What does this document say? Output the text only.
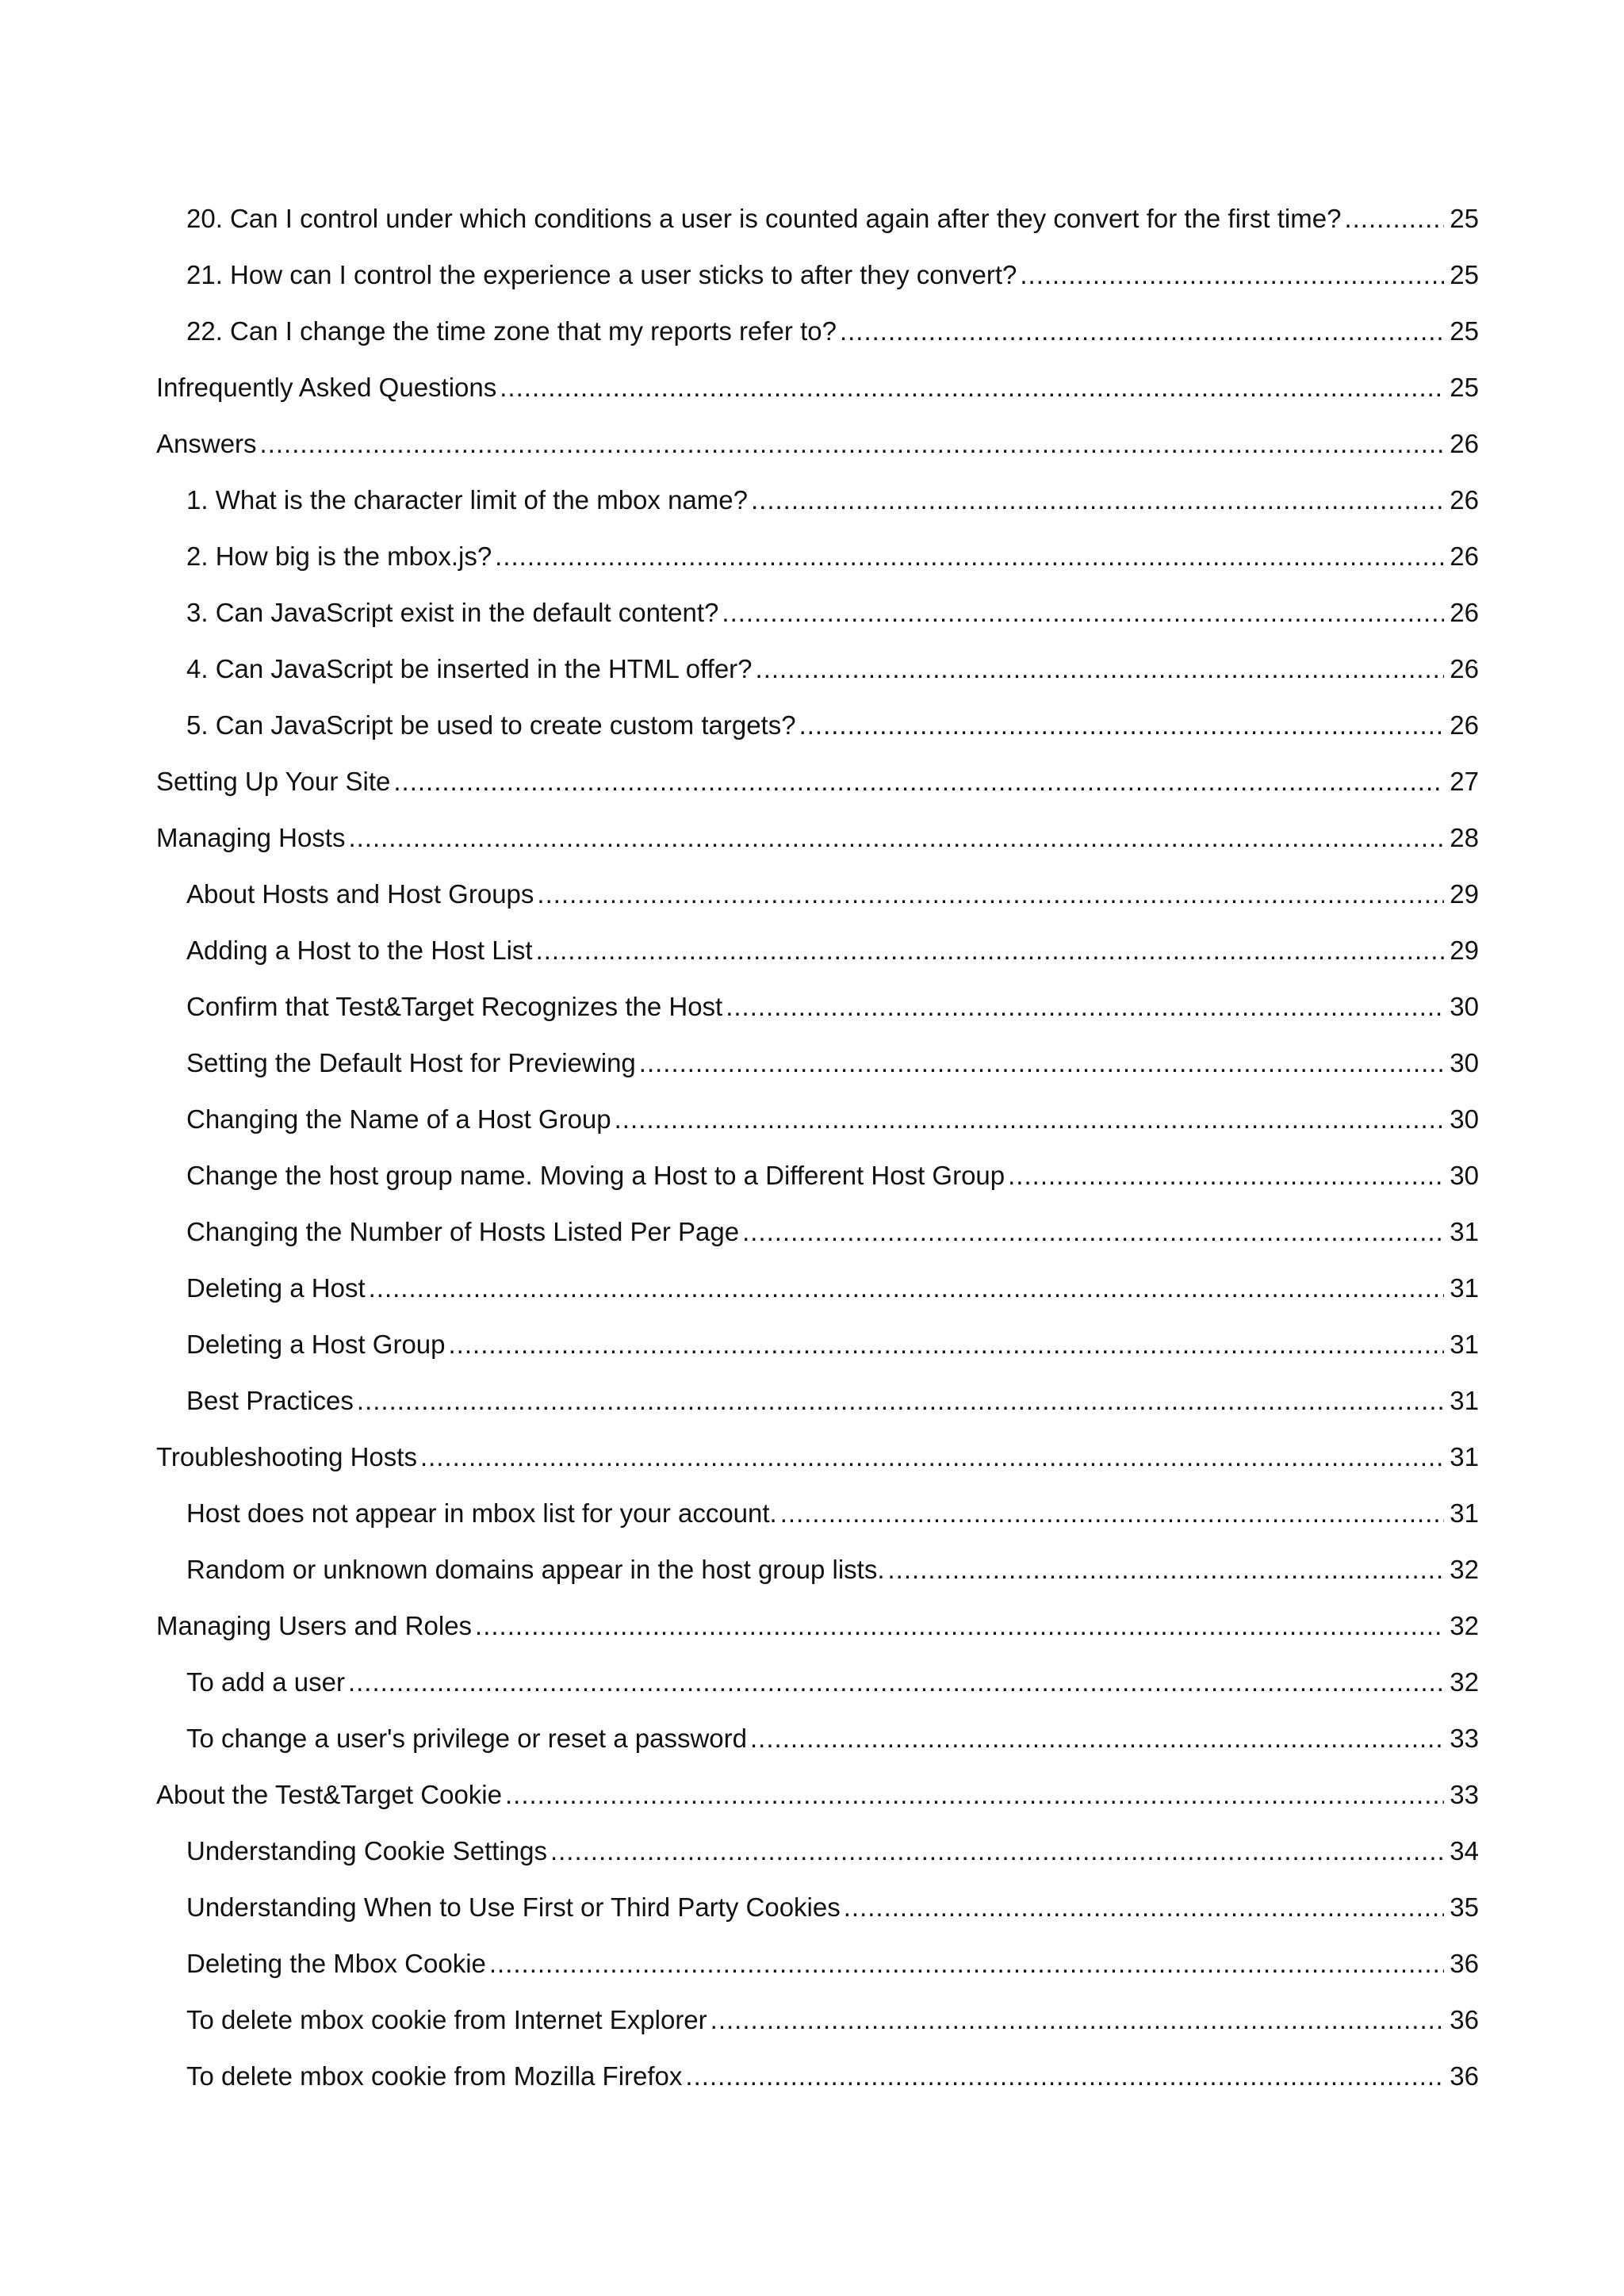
20. Can I control under which conditions a user is counted again after they convert for the first time? .....	25
21. How can I control the experience a user sticks to after they convert? .....	25
22. Can I change the time zone that my reports refer to? .....	25
Infrequently Asked Questions .....	25
Answers .....	26
1. What is the character limit of the mbox name? .....	26
2. How big is the mbox.js? .....	26
3. Can JavaScript exist in the default content? .....	26
4. Can JavaScript be inserted in the HTML offer? .....	26
5. Can JavaScript be used to create custom targets? .....	26
Setting Up Your Site .....	27
Managing Hosts .....	28
About Hosts and Host Groups .....	29
Adding a Host to the Host List .....	29
Confirm that Test&Target Recognizes the Host .....	30
Setting the Default Host for Previewing .....	30
Changing the Name of a Host Group .....	30
Change the host group name. Moving a Host to a Different Host Group .....	30
Changing the Number of Hosts Listed Per Page .....	31
Deleting a Host .....	31
Deleting a Host Group .....	31
Best Practices .....	31
Troubleshooting Hosts .....	31
Host does not appear in mbox list for your account. .....	31
Random or unknown domains appear in the host group lists. .....	32
Managing Users and Roles .....	32
To add a user .....	32
To change a user's privilege or reset a password .....	33
About the Test&Target Cookie .....	33
Understanding Cookie Settings .....	34
Understanding When to Use First or Third Party Cookies .....	35
Deleting the Mbox Cookie .....	36
To delete mbox cookie from Internet Explorer .....	36
To delete mbox cookie from Mozilla Firefox .....	36
